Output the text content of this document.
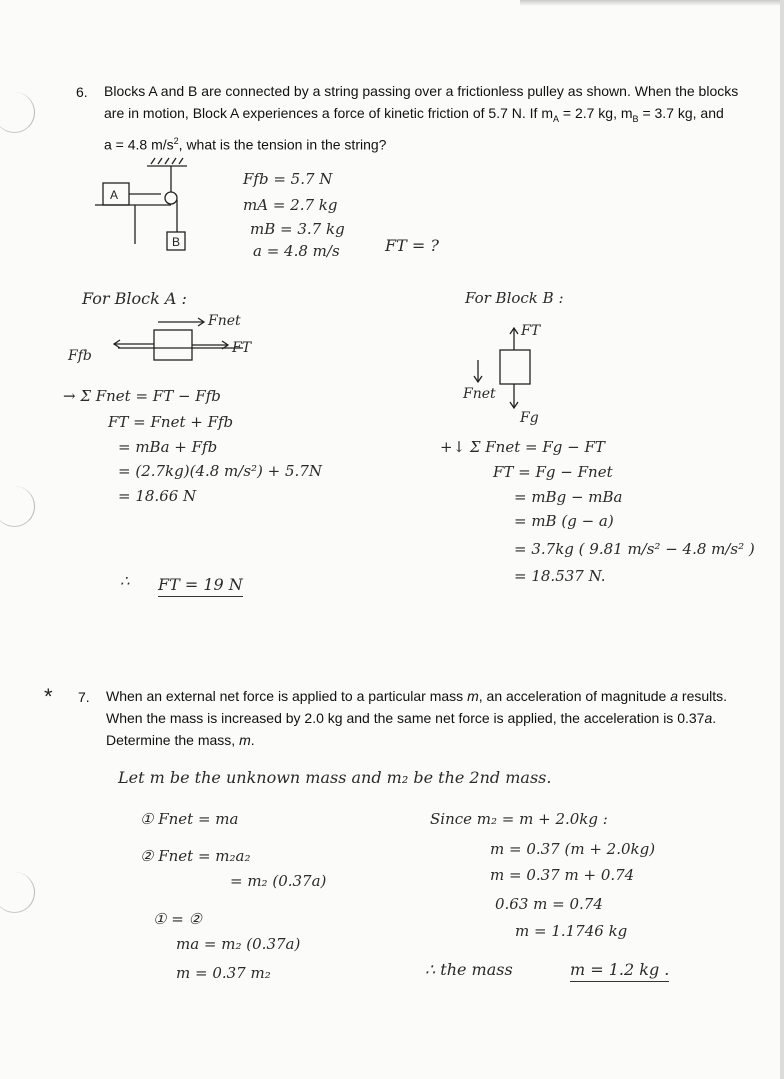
6. Blocks A and B are connected by a string passing over a frictionless pulley as shown. When the blocks
are in motion, Block A experiences a force of kinetic friction of 5.7 N. If $m_A = 2.7$ kg, $m_B = 3.7$ kg, and
a = 4.8 $m/s^2$, what is the tension in the string?
A
B
Ffb = 5.7 N
mA = 2.7 kg
mB = 3.7 kg
a = 4.8 m/s	FT = ?
For Block A :
Fnet
FT
Ffb
→ Σ Fnet = FT − Ffb
FT = Fnet + Ffb
= mBa + Ffb
= (2.7kg)(4.8 m/s²) + 5.7N
= 18.66 N
∴ FT = 19 N
For Block B :
FT
Fnet
Fg
+↓ Σ Fnet = Fg − FT
FT = Fg − Fnet
= mBg − mBa
= mB (g − a)
= 3.7kg ( 9.81 m/s² − 4.8 m/s² )
= 18.537 N.
* 7. When an external net force is applied to a particular mass m, an acceleration of magnitude a results.
When the mass is increased by 2.0 kg and the same net force is applied, the acceleration is 0.37a.
Determine the mass, m.
Let m be the unknown mass and m₂ be the 2nd mass.
① Fnet = ma
② Fnet = m₂a₂
= m₂ (0.37a)
① = ②
ma = m₂ (0.37a)
m = 0.37 m₂
Since m₂ = m + 2.0kg :
m = 0.37 (m + 2.0kg)
m = 0.37 m + 0.74
0.63 m = 0.74
m = 1.1746 kg
∴ the mass	m = 1.2 kg .
